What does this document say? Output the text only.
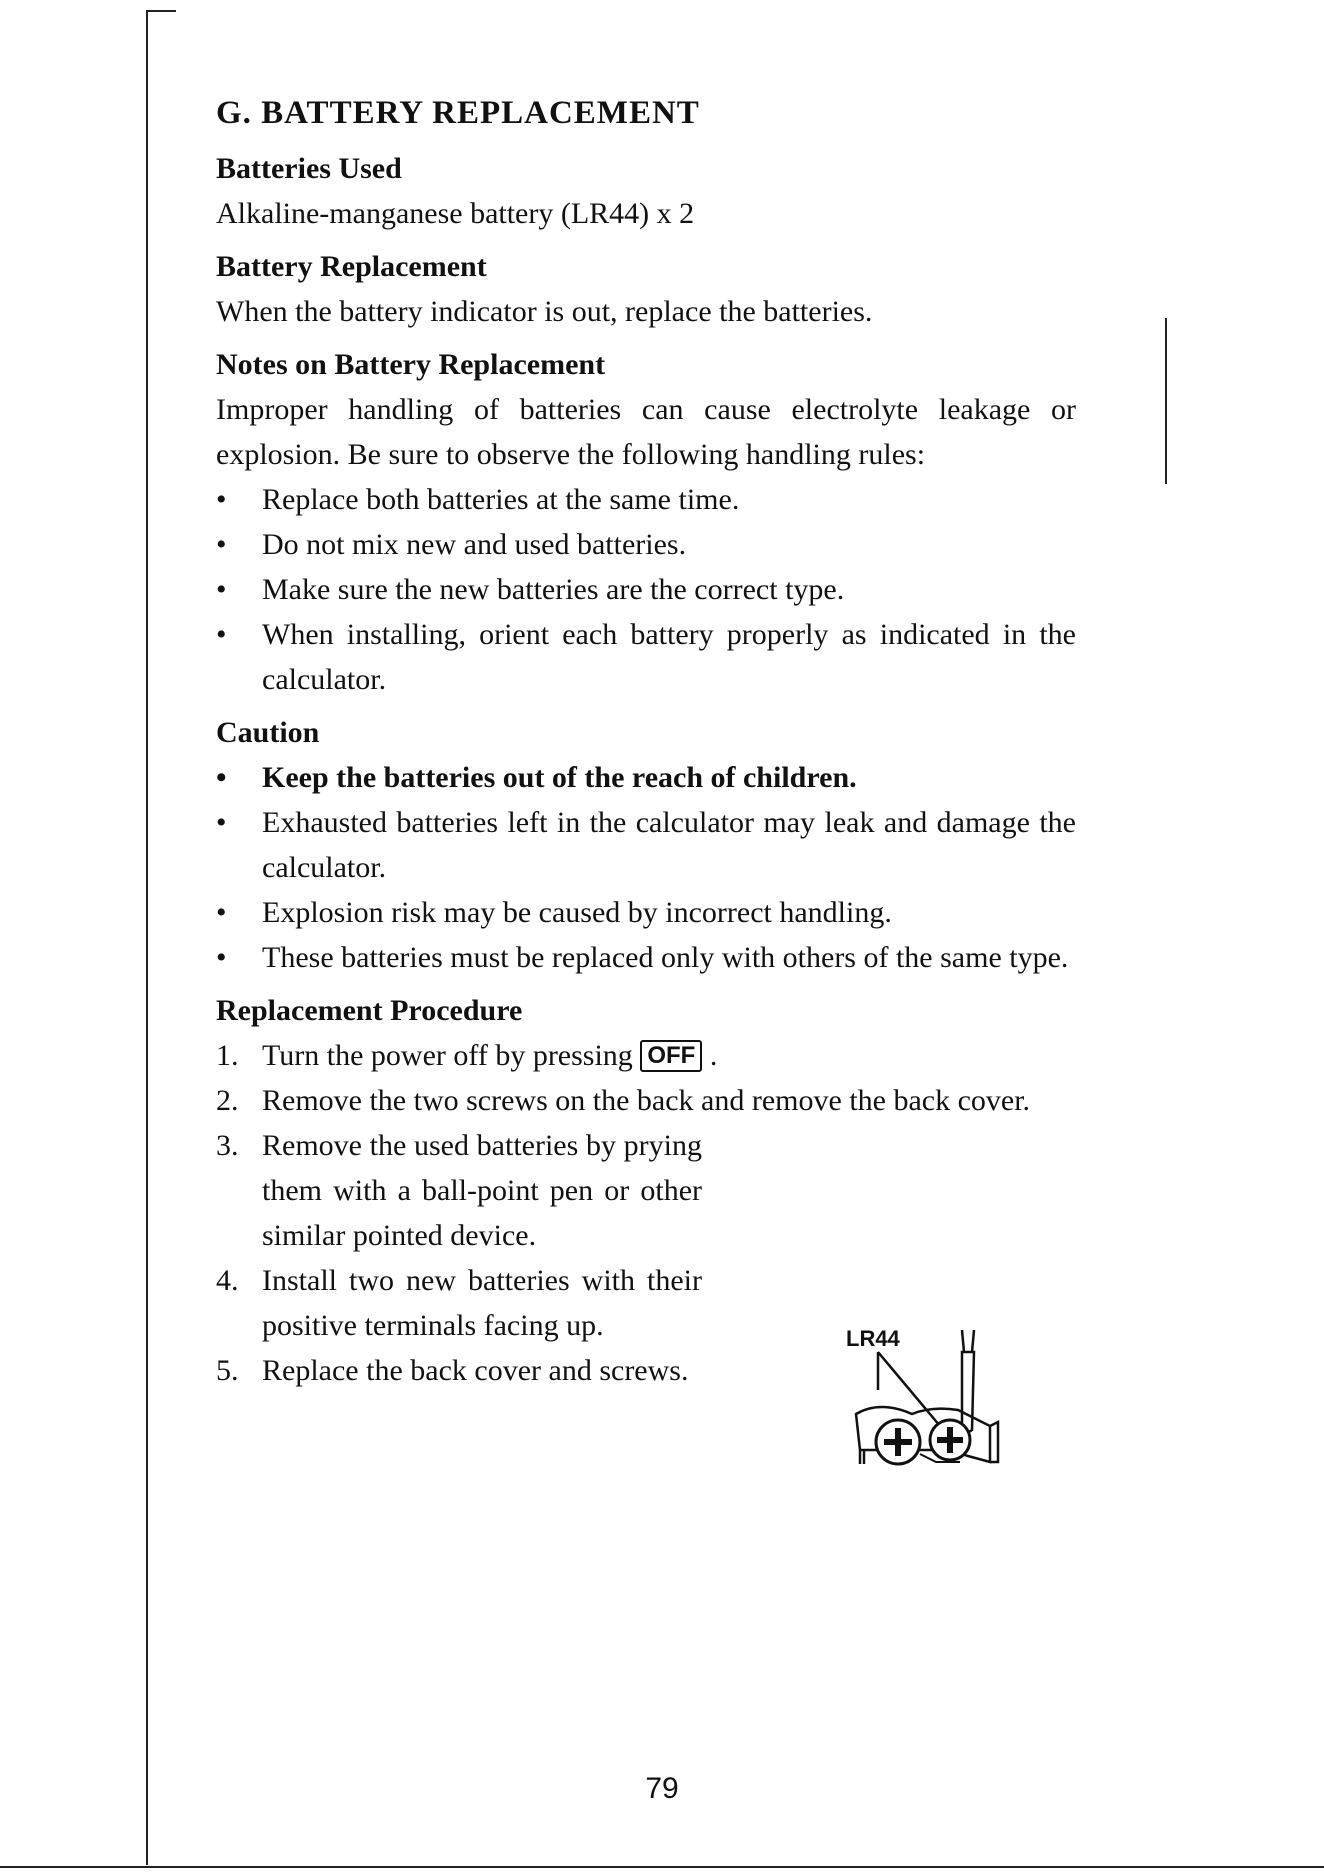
G. BATTERY REPLACEMENT
Batteries Used

Alkaline-manganese battery (LR44) x 2

Battery Replacement

When the battery indicator is out, replace the batteries.

Notes on Battery Replacement

Improper handling of batteries can cause electrolyte leakage or explosion. Be sure to observe the following handling rules:

• Replace both batteries at the same time.
• Do not mix new and used batteries.
• Make sure the new batteries are the correct type.
• When installing, orient each battery properly as indicated in the calculator.
Caution
• Keep the batteries out of the reach of children.
• Exhausted batteries left in the calculator may leak and damage the calculator.
• Explosion risk may be caused by incorrect handling.
• These batteries must be replaced only with others of the same type.
Replacement Procedure
1. Turn the power off by pressing OFF .
2. Remove the two screws on the back and remove the back cover.
3. Remove the used batteries by prying them with a ball-point pen or other similar pointed device.
4. Install two new batteries with their positive terminals facing up.
5. Replace the back cover and screws.
LR44
79
